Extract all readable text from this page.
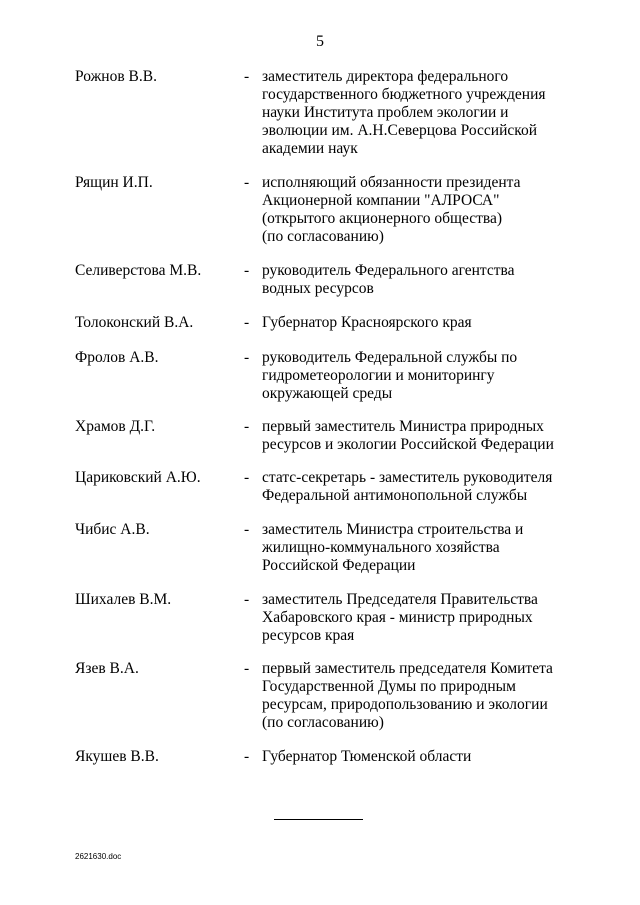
5
Рожнов В.В.	- заместитель директора федерального
государственного бюджетного учреждения
науки Института проблем экологии и
эволюции им. А.Н.Северцова Российской
академии наук
Рящин И.П.	- исполняющий обязанности президента
Акционерной компании "АЛРОСА"
(открытого акционерного общества)
(по согласованию)
Селиверстова М.В.	- руководитель Федерального агентства
водных ресурсов
Толоконский В.А.	- Губернатор Красноярского края
Фролов А.В.	- руководитель Федеральной службы по
гидрометеорологии и мониторингу
окружающей среды
Храмов Д.Г.	- первый заместитель Министра природных
ресурсов и экологии Российской Федерации
Цариковский А.Ю.	- статс-секретарь - заместитель руководителя
Федеральной антимонопольной службы
Чибис А.В.	- заместитель Министра строительства и
жилищно-коммунального хозяйства
Российской Федерации
Шихалев В.М.	- заместитель Председателя Правительства
Хабаровского края - министр природных
ресурсов края
Язев В.А.	- первый заместитель председателя Комитета
Государственной Думы по природным
ресурсам, природопользованию и экологии
(по согласованию)
Якушев В.В.	- Губернатор Тюменской области
2621630.doc
